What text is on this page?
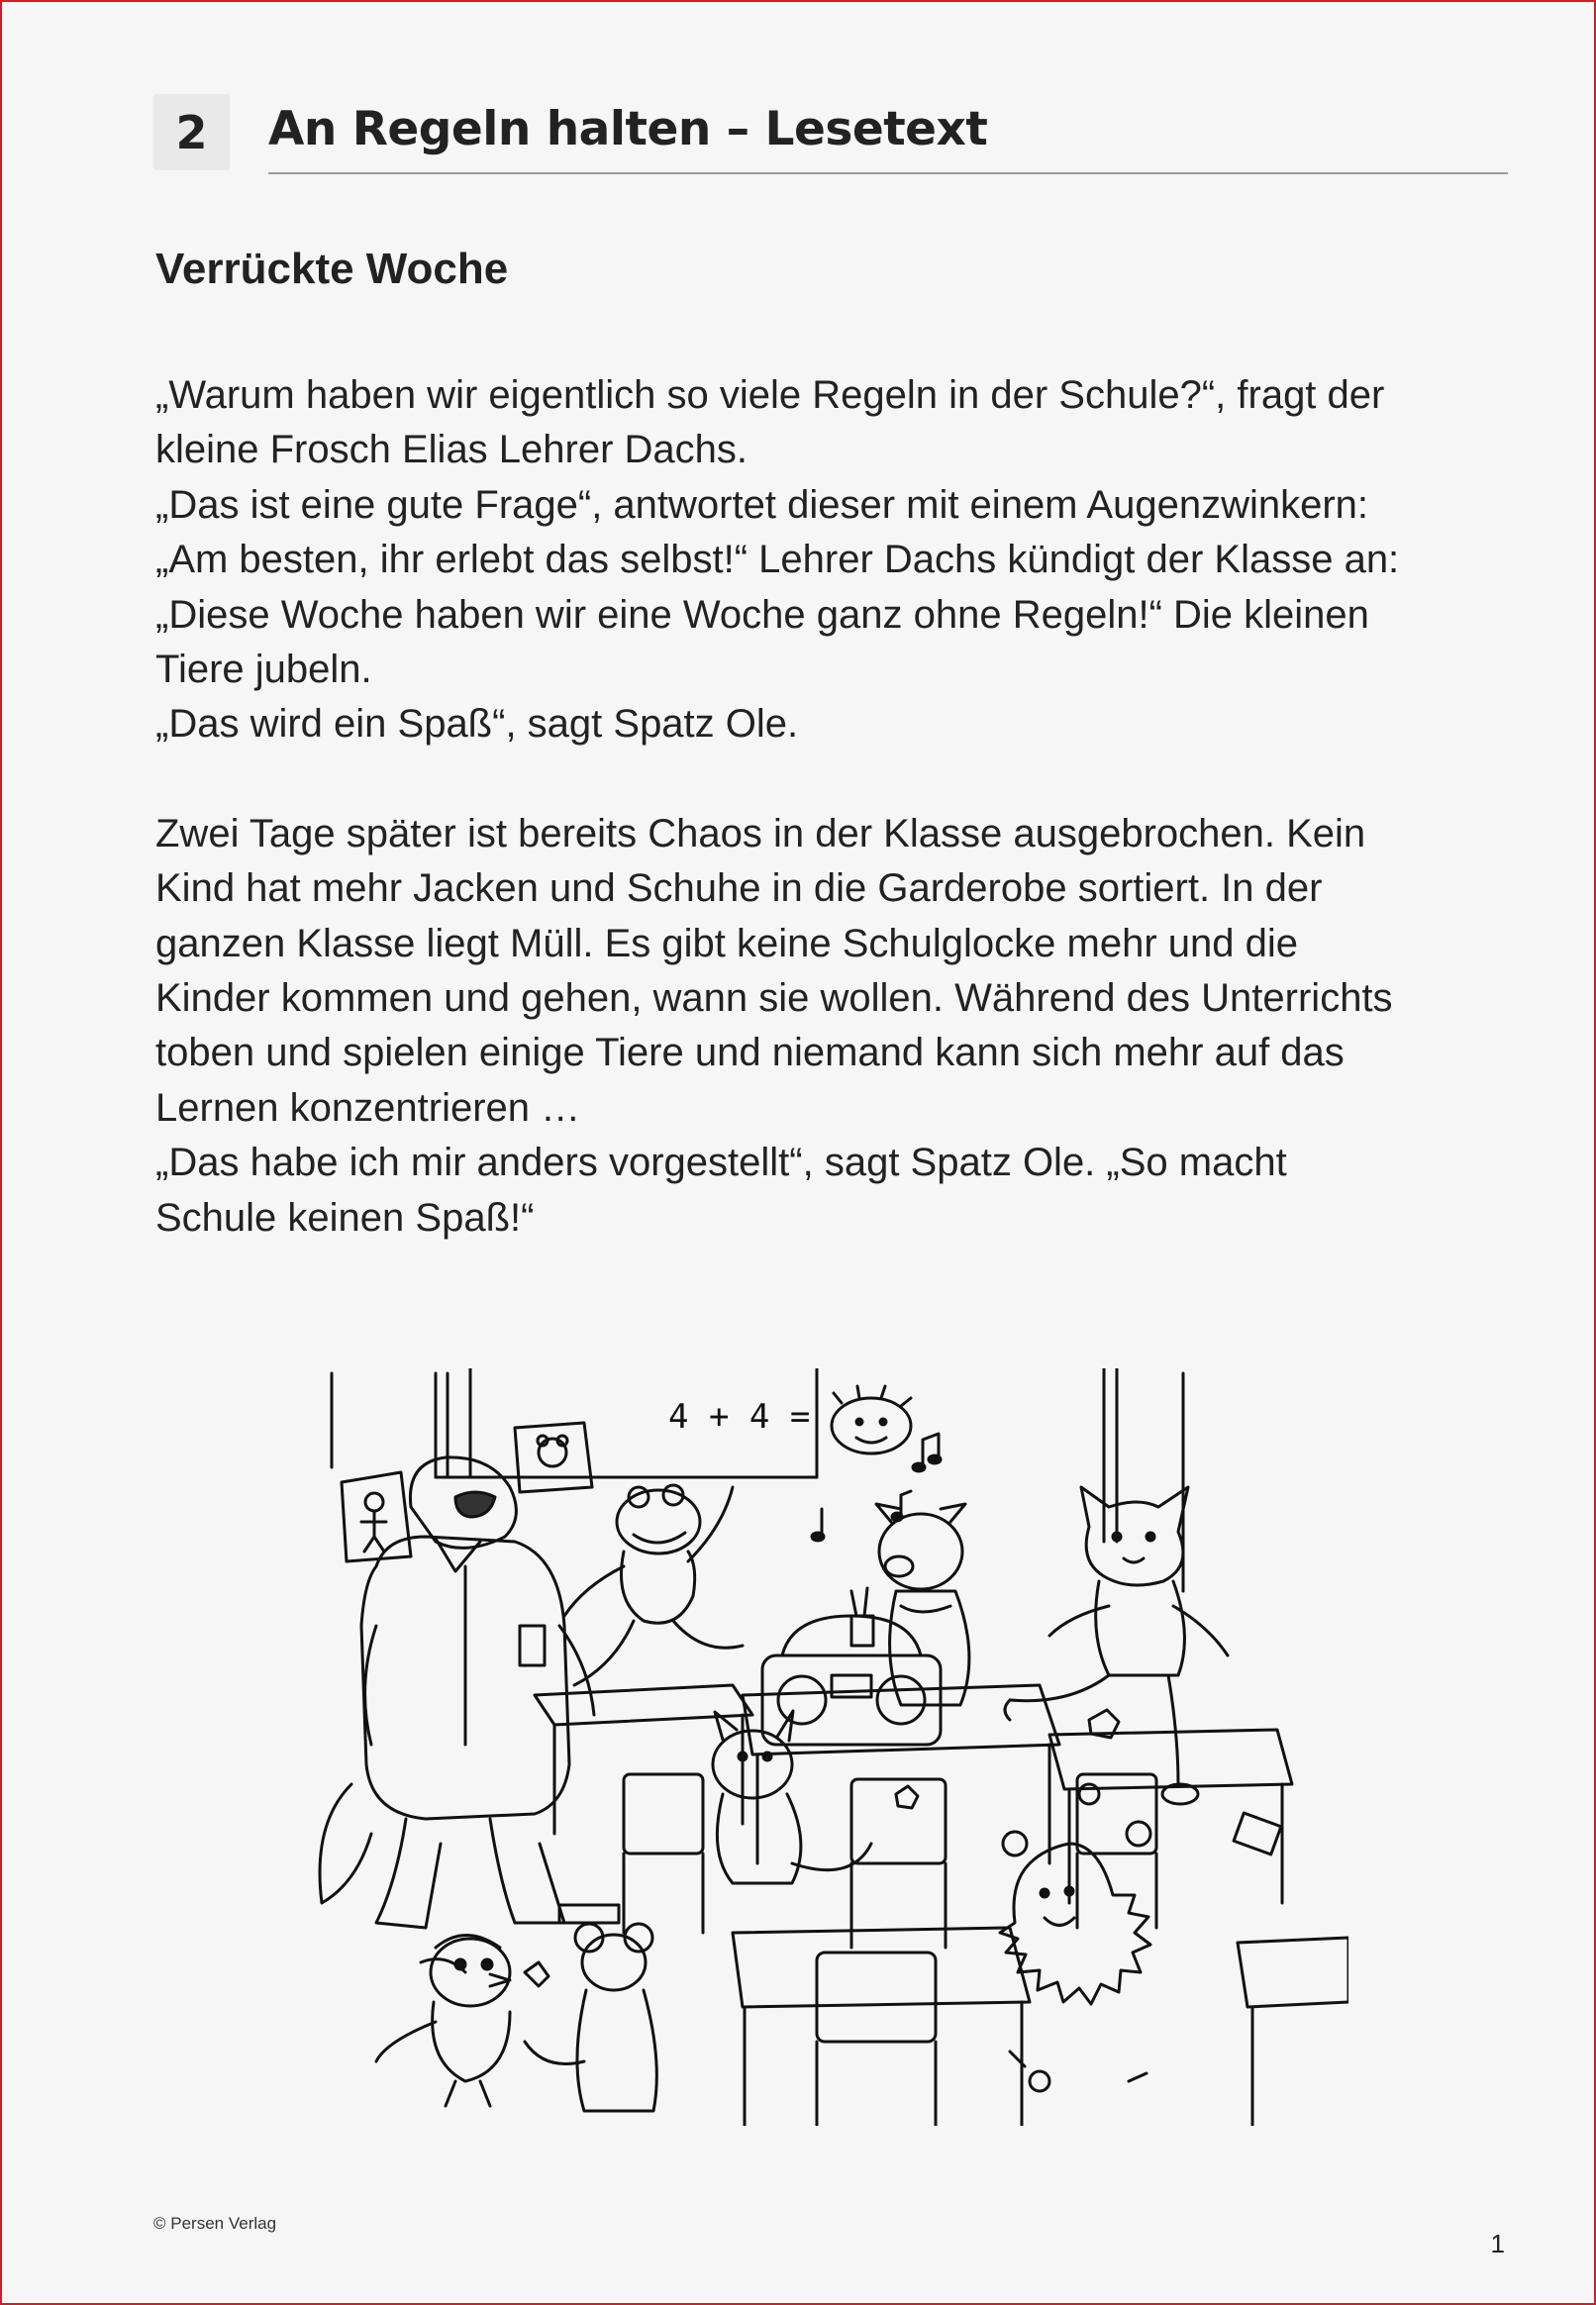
2	An Regeln halten – Lesetext
Verrückte Woche

„Warum haben wir eigentlich so viele Regeln in der Schule?“, fragt der

kleine Frosch Elias Lehrer Dachs.

„Das ist eine gute Frage“, antwortet dieser mit einem Augenzwinkern:

„Am besten, ihr erlebt das selbst!“ Lehrer Dachs kündigt der Klasse an:

„Diese Woche haben wir eine Woche ganz ohne Regeln!“ Die kleinen

Tiere jubeln.

„Das wird ein Spaß“, sagt Spatz Ole.

Zwei Tage später ist bereits Chaos in der Klasse ausgebrochen. Kein

Kind hat mehr Jacken und Schuhe in die Garderobe sortiert. In der

ganzen Klasse liegt Müll. Es gibt keine Schulglocke mehr und die

Kinder kommen und gehen, wann sie wollen. Während des Unterrichts

toben und spielen einige Tiere und niemand kann sich mehr auf das

Lernen konzentrieren …

„Das habe ich mir anders vorgestellt“, sagt Spatz Ole. „So macht

Schule keinen Spaß!“

4 + 4 =
© Persen Verlag
1
